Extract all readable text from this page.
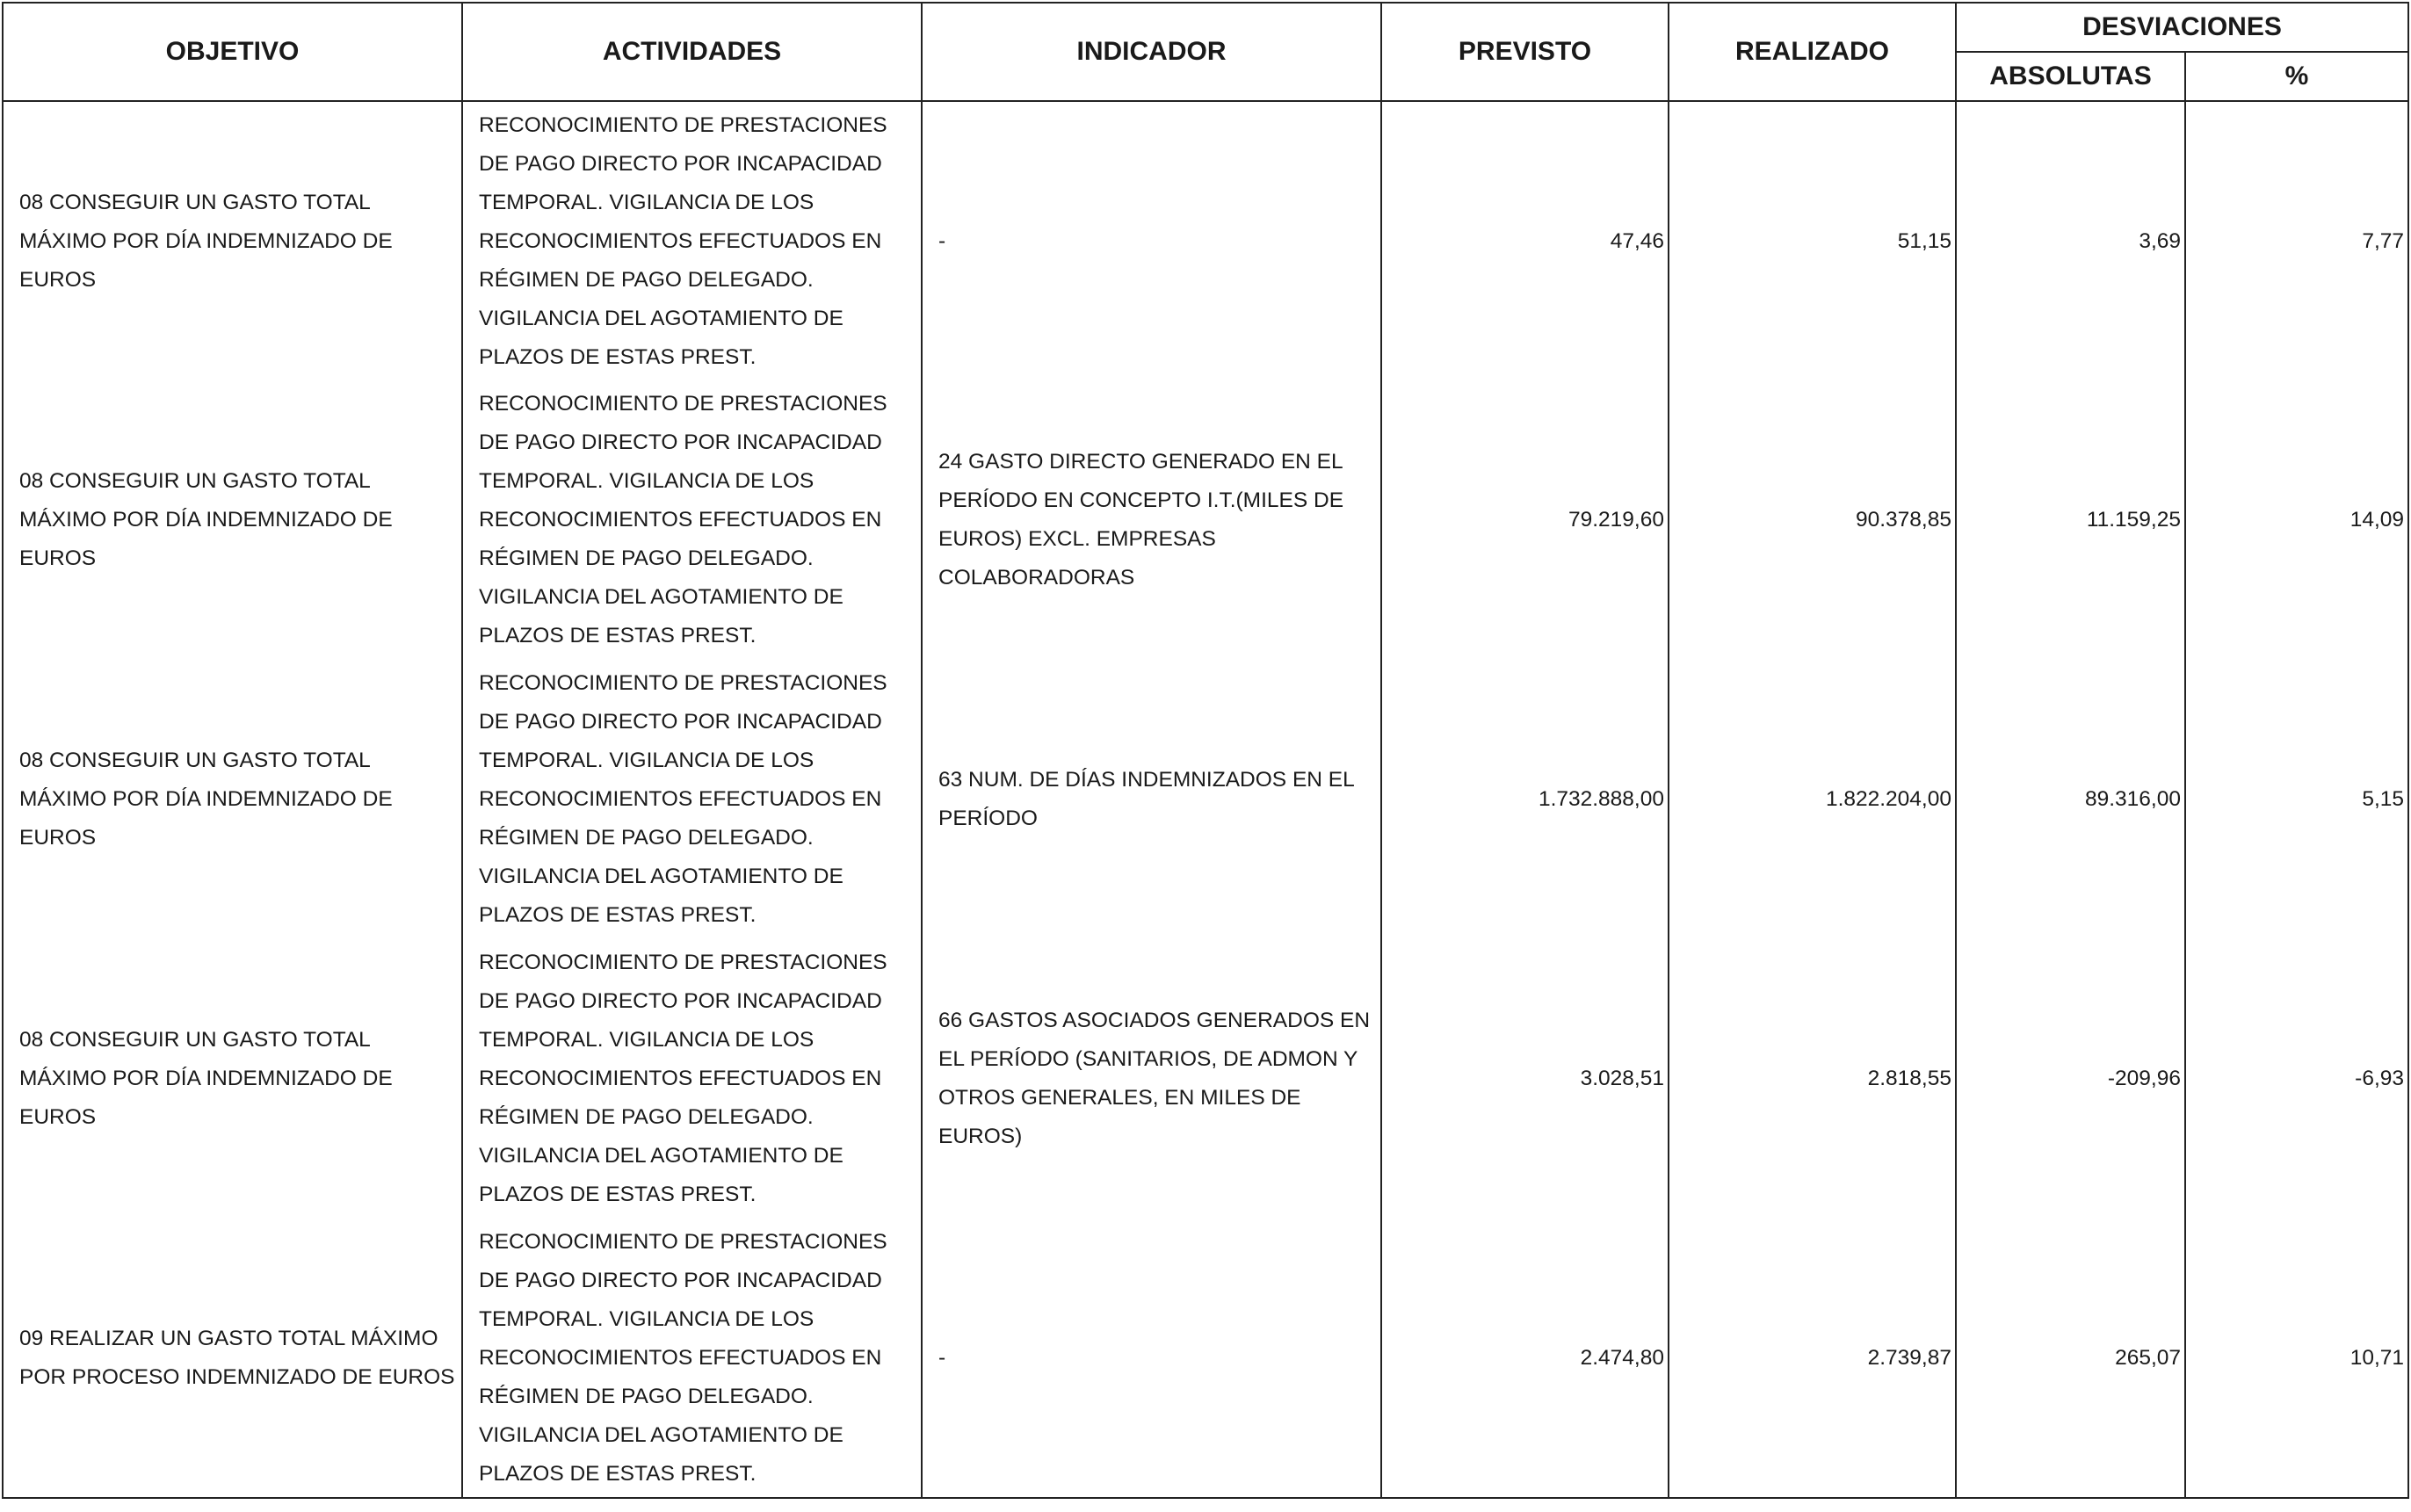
OBJETIVO	ACTIVIDADES	INDICADOR	PREVISTO	REALIZADO	DESVIACIONES	
					ABSOLUTAS	%
08 CONSEGUIR UN GASTO TOTAL MÁXIMO POR DÍA INDEMNIZADO DE EUROS	RECONOCIMIENTO DE PRESTACIONES DE PAGO DIRECTO POR INCAPACIDAD TEMPORAL. VIGILANCIA DE LOS RECONOCIMIENTOS EFECTUADOS EN RÉGIMEN DE PAGO DELEGADO. VIGILANCIA DEL AGOTAMIENTO DE PLAZOS DE ESTAS PREST.	-	47,46	51,15	3,69	7,77
08 CONSEGUIR UN GASTO TOTAL MÁXIMO POR DÍA INDEMNIZADO DE EUROS	RECONOCIMIENTO DE PRESTACIONES DE PAGO DIRECTO POR INCAPACIDAD TEMPORAL. VIGILANCIA DE LOS RECONOCIMIENTOS EFECTUADOS EN RÉGIMEN DE PAGO DELEGADO. VIGILANCIA DEL AGOTAMIENTO DE PLAZOS DE ESTAS PREST.	24 GASTO DIRECTO GENERADO EN EL PERÍODO EN CONCEPTO I.T.(MILES DE EUROS) EXCL. EMPRESAS COLABORADORAS	79.219,60	90.378,85	11.159,25	14,09
08 CONSEGUIR UN GASTO TOTAL MÁXIMO POR DÍA INDEMNIZADO DE EUROS	RECONOCIMIENTO DE PRESTACIONES DE PAGO DIRECTO POR INCAPACIDAD TEMPORAL. VIGILANCIA DE LOS RECONOCIMIENTOS EFECTUADOS EN RÉGIMEN DE PAGO DELEGADO. VIGILANCIA DEL AGOTAMIENTO DE PLAZOS DE ESTAS PREST.	63 NUM. DE DÍAS INDEMNIZADOS EN EL PERÍODO	1.732.888,00	1.822.204,00	89.316,00	5,15
08 CONSEGUIR UN GASTO TOTAL MÁXIMO POR DÍA INDEMNIZADO DE EUROS	RECONOCIMIENTO DE PRESTACIONES DE PAGO DIRECTO POR INCAPACIDAD TEMPORAL. VIGILANCIA DE LOS RECONOCIMIENTOS EFECTUADOS EN RÉGIMEN DE PAGO DELEGADO. VIGILANCIA DEL AGOTAMIENTO DE PLAZOS DE ESTAS PREST.	66 GASTOS ASOCIADOS GENERADOS EN EL PERÍODO (SANITARIOS, DE ADMON Y OTROS GENERALES, EN MILES DE EUROS)	3.028,51	2.818,55	-209,96	-6,93
09 REALIZAR UN GASTO TOTAL MÁXIMO POR PROCESO INDEMNIZADO DE EUROS	RECONOCIMIENTO DE PRESTACIONES DE PAGO DIRECTO POR INCAPACIDAD TEMPORAL. VIGILANCIA DE LOS RECONOCIMIENTOS EFECTUADOS EN RÉGIMEN DE PAGO DELEGADO. VIGILANCIA DEL AGOTAMIENTO DE PLAZOS DE ESTAS PREST.	-	2.474,80	2.739,87	265,07	10,71
